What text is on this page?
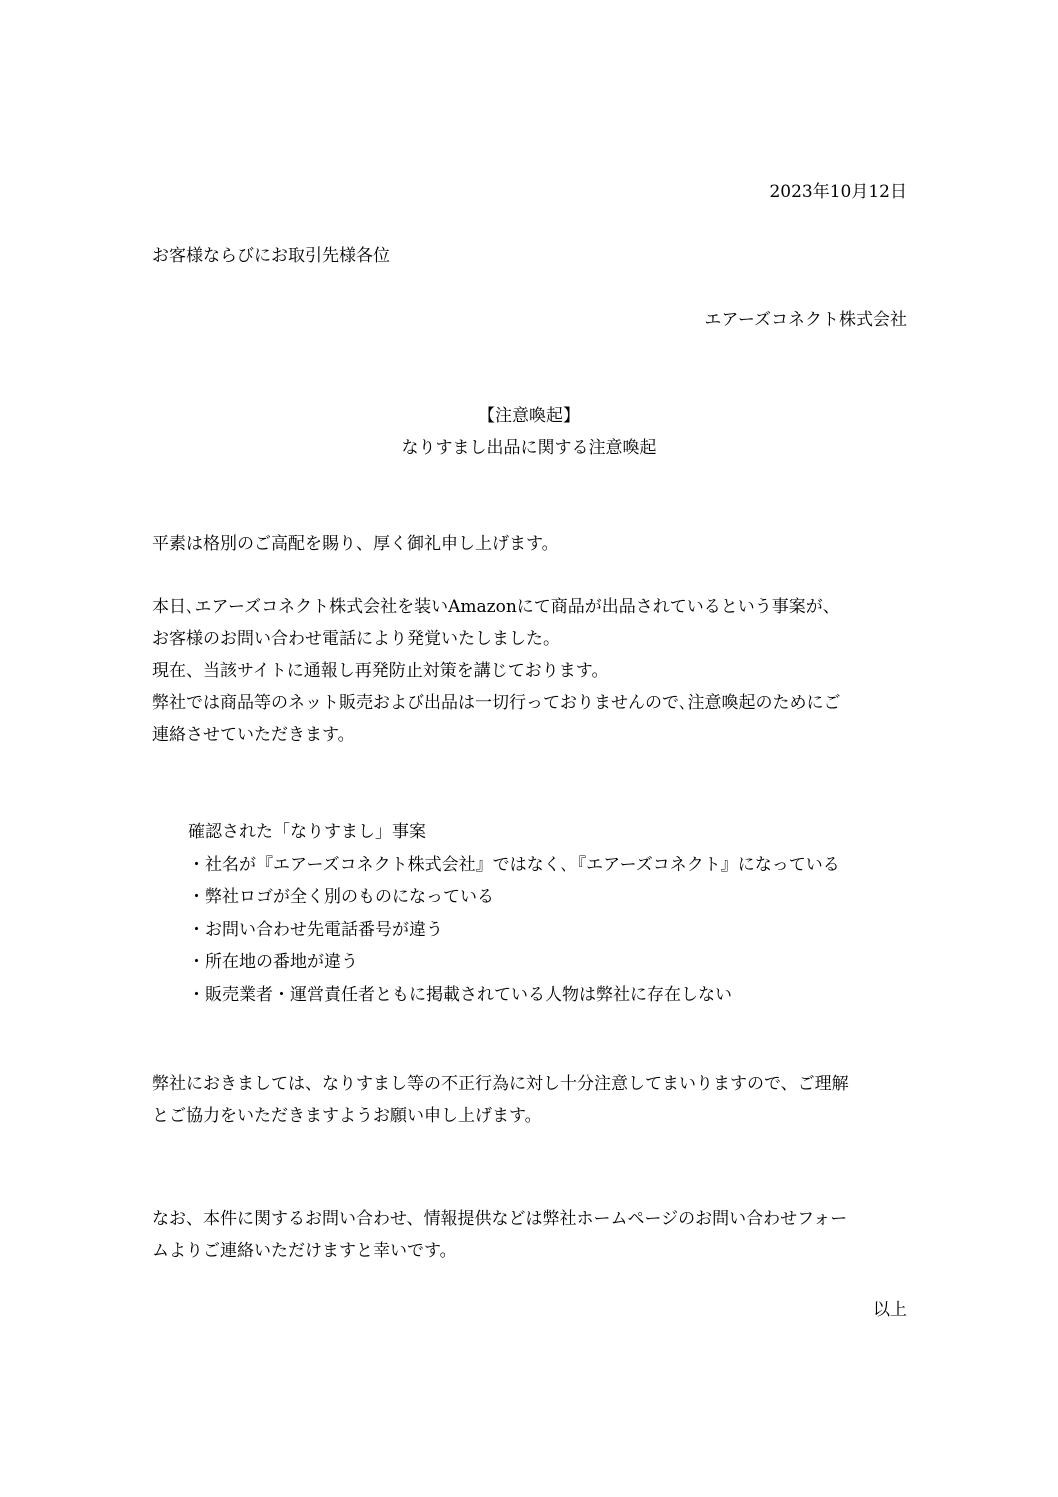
2023年10月12日
お客様ならびにお取引先様各位
エアーズコネクト株式会社
【注意喚起】
なりすまし出品に関する注意喚起
平素は格別のご高配を賜り、厚く御礼申し上げます。
本日､エアーズコネクト株式会社を装いAmazonにて商品が出品されているという事案が、
お客様のお問い合わせ電話により発覚いたしました。
現在、当該サイトに通報し再発防止対策を講じております。
弊社では商品等のネット販売および出品は一切行っておりませんので､注意喚起のためにご
連絡させていただきます。
確認された「なりすまし」事案
・社名が『エアーズコネクト株式会社』ではなく､『エアーズコネクト』になっている
・弊社ロゴが全く別のものになっている
・お問い合わせ先電話番号が違う
・所在地の番地が違う
・販売業者・運営責任者ともに掲載されている人物は弊社に存在しない
弊社におきましては、なりすまし等の不正行為に対し十分注意してまいりますので、ご理解
とご協力をいただきますようお願い申し上げます。
なお、本件に関するお問い合わせ、情報提供などは弊社ホームページのお問い合わせフォー
ムよりご連絡いただけますと幸いです。
以上
